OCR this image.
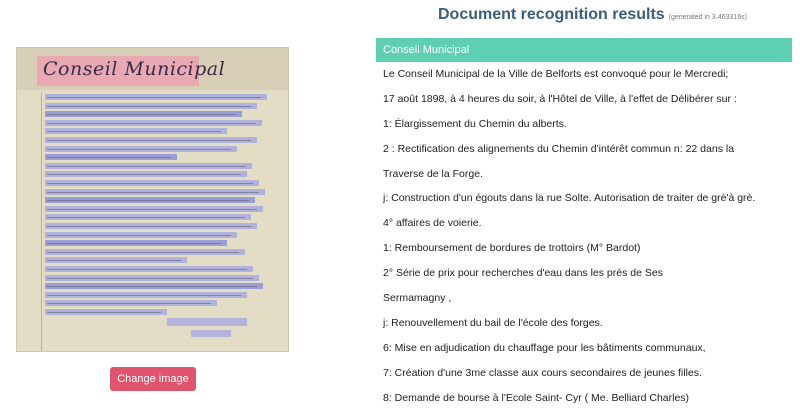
Conseil Municipal
Change image
Document recognition results (generated in 3.463316s)
Conseil Municipal
Le Conseil Municipal de la Ville de Belforts est convoqué pour le Mercredi;
17 août 1898, à 4 heures du soir, à l'Hôtel de Ville, à l'effet de Délibérer sur :
1: Élargissement du Chemin du alberts.
2 : Rectification des alignements du Chemin d'intérêt commun n: 22 dans la
Traverse de la Forge.
j: Construction d'un égouts dans la rue Solte. Autorisation de traiter de grè'à grè.
4° affaires de voierie.
1: Remboursement de bordures de trottoirs (M° Bardot)
2° Série de prix pour recherches d'eau dans les prés de Ses
Sermamagny ,
j: Renouvellement du bail de l'école des forges.
6: Mise en adjudication du chauffage pour les bâtiments communaux,
7: Création d'une 3me classe aux cours secondaires de jeunes filles.
8: Demande de bourse à l'Ecole Saint- Cyr ( Me. Belliard Charles)
